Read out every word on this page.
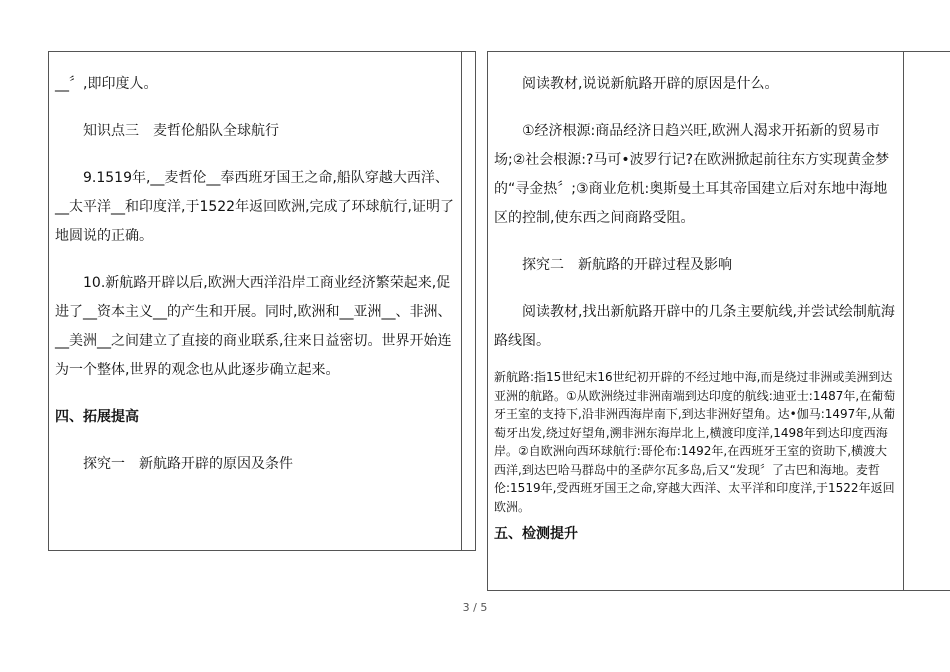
__〞,即印度人。

知识点三　麦哲伦船队全球航行

9.1519年,__麦哲伦__奉西班牙国王之命,船队穿越大西洋、__太平洋__和印度洋,于1522年返回欧洲,完成了环球航行,证明了地圆说的正确。

10.新航路开辟以后,欧洲大西洋沿岸工商业经济繁荣起来,促进了__资本主义__的产生和开展。同时,欧洲和__亚洲__、非洲、__美洲__之间建立了直接的商业联系,往来日益密切。世界开始连为一个整体,世界的观念也从此逐步确立起来。

四、拓展提高

探究一　新航路开辟的原因及条件

阅读教材,说说新航路开辟的原因是什么。

①经济根源:商品经济日趋兴旺,欧洲人渴求开拓新的贸易市场;②社会根源:?马可•波罗行记?在欧洲掀起前往东方实现黄金梦的“寻金热〞;③商业危机:奥斯曼土耳其帝国建立后对东地中海地区的控制,使东西之间商路受阻。

探究二　新航路的开辟过程及影响

阅读教材,找出新航路开辟中的几条主要航线,并尝试绘制航海路线图。

新航路:指15世纪末16世纪初开辟的不经过地中海,而是绕过非洲或美洲到达亚洲的航路。①从欧洲绕过非洲南端到达印度的航线:迪亚士:1487年,在葡萄牙王室的支持下,沿非洲西海岸南下,到达非洲好望角。达•伽马:1497年,从葡萄牙出发,绕过好望角,溯非洲东海岸北上,横渡印度洋,1498年到达印度西海岸。②自欧洲向西环球航行:哥伦布:1492年,在西班牙王室的资助下,横渡大西洋,到达巴哈马群岛中的圣萨尔瓦多岛,后又“发现〞了古巴和海地。麦哲伦:1519年,受西班牙国王之命,穿越大西洋、太平洋和印度洋,于1522年返回欧洲。

五、检测提升

3 / 5
